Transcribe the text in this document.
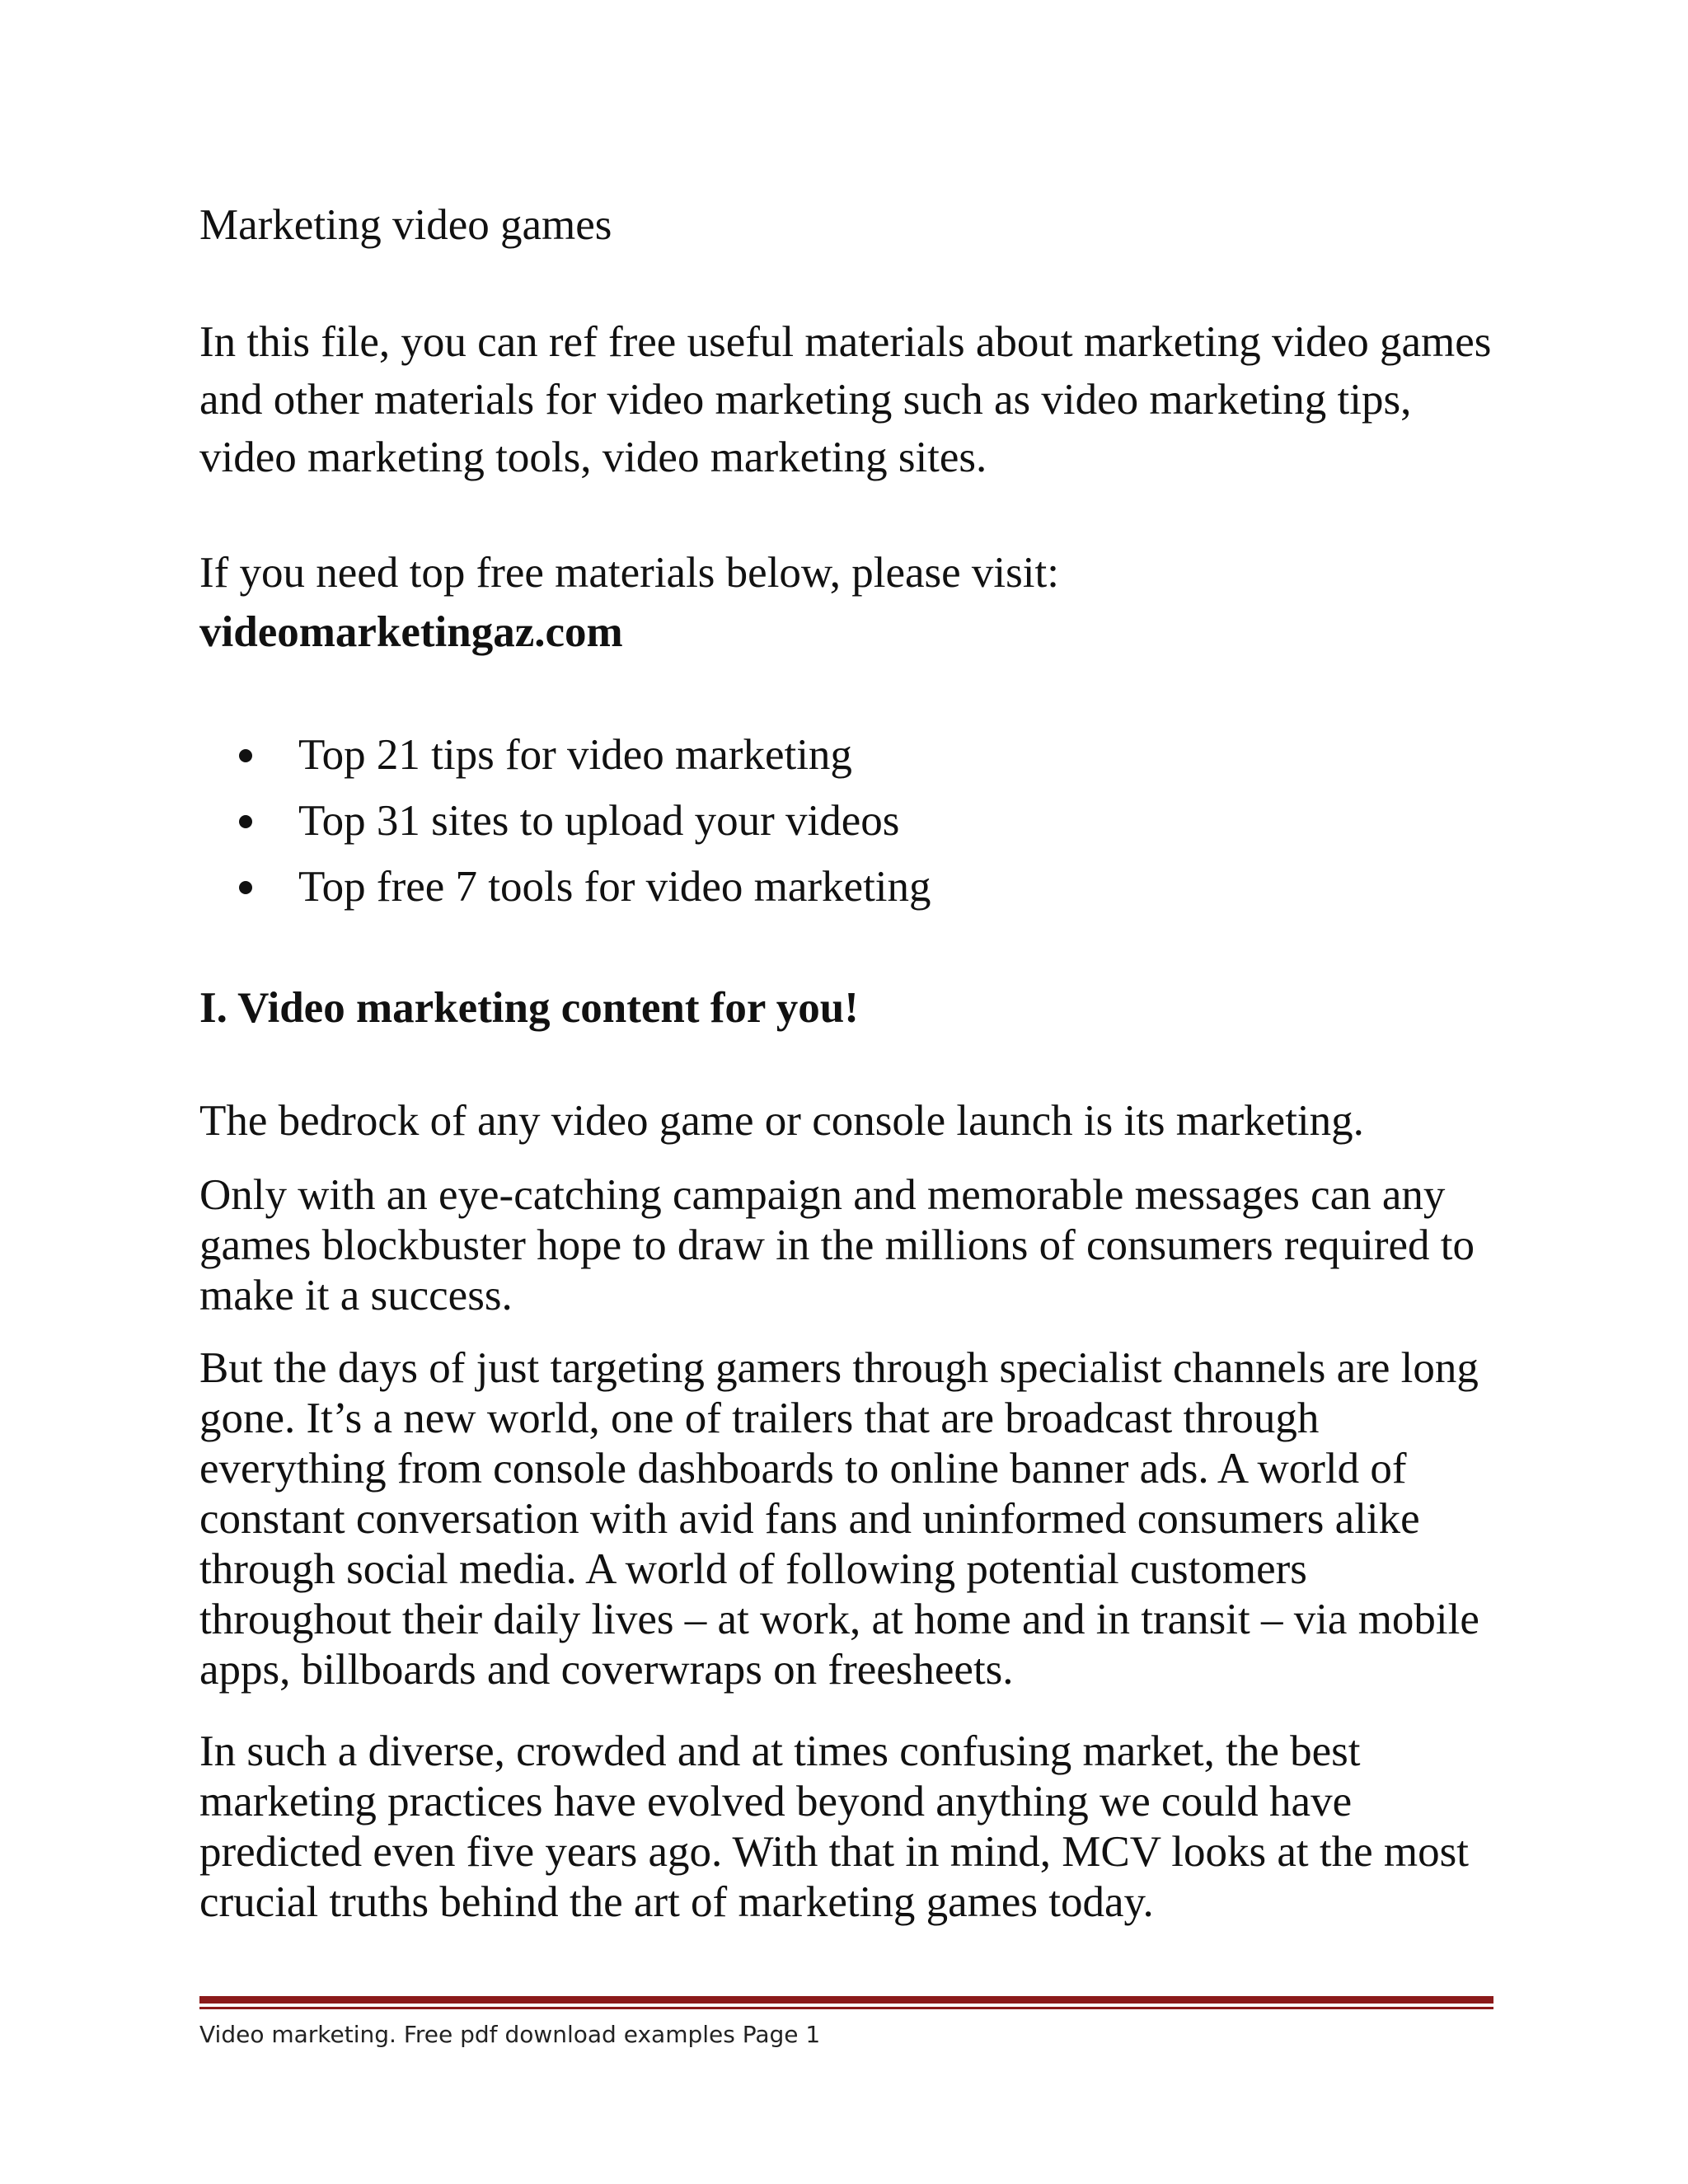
Marketing video games
In this file, you can ref free useful materials about marketing video games and other materials for video marketing such as video marketing tips, video marketing tools, video marketing sites.
If you need top free materials below, please visit:
videomarketingaz.com
Top 21 tips for video marketing
Top 31 sites to upload your videos
Top free 7 tools for video marketing
I. Video marketing content for you!
The bedrock of any video game or console launch is its marketing.
Only with an eye-catching campaign and memorable messages can any games blockbuster hope to draw in the millions of consumers required to make it a success.
But the days of just targeting gamers through specialist channels are long gone. It’s a new world, one of trailers that are broadcast through everything from console dashboards to online banner ads. A world of constant conversation with avid fans and uninformed consumers alike through social media. A world of following potential customers throughout their daily lives – at work, at home and in transit – via mobile apps, billboards and coverwraps on freesheets.
In such a diverse, crowded and at times confusing market, the best marketing practices have evolved beyond anything we could have predicted even five years ago. With that in mind, MCV looks at the most crucial truths behind the art of marketing games today.
Video marketing. Free pdf download examples Page 1
